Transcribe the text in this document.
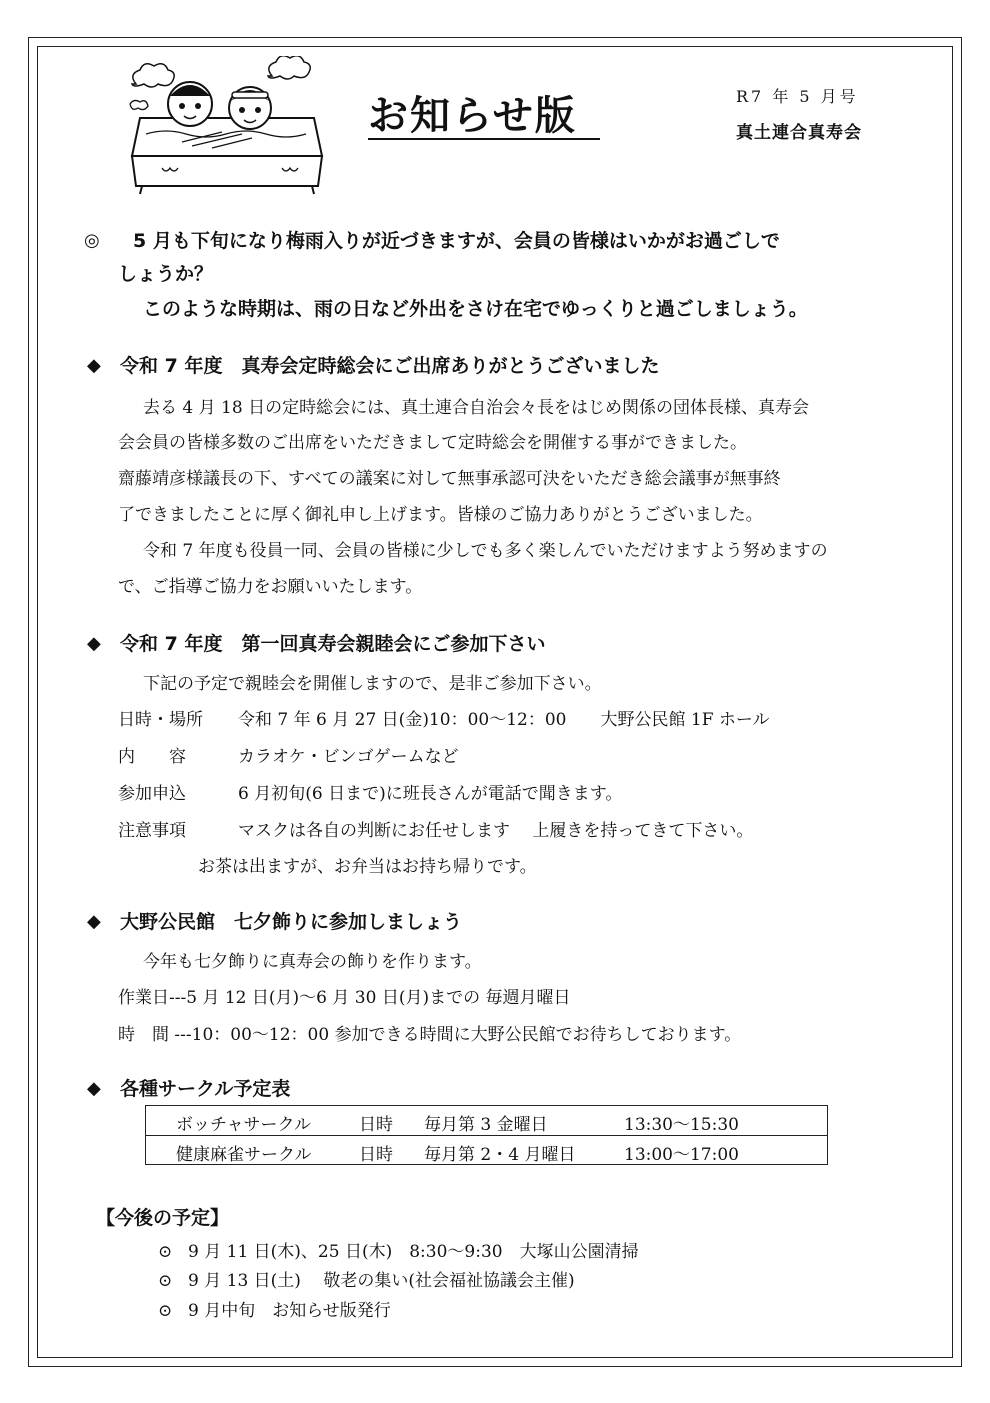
お知らせ版	R7 年 5 月号
真土連合真寿会
◎ 5 月も下旬になり梅雨入りが近づきますが、会員の皆様はいかがお過ごしで
しょうか？
このような時期は、雨の日など外出をさけ在宅でゆっくりと過ごしましょう。
◆ 令和 7 年度　真寿会定時総会にご出席ありがとうございました
去る 4 月 18 日の定時総会には、真土連合自治会々長をはじめ関係の団体長様、真寿会
会会員の皆様多数のご出席をいただきまして定時総会を開催する事ができました。
齋藤靖彦様議長の下、すべての議案に対して無事承認可決をいただき総会議事が無事終
了できましたことに厚く御礼申し上げます。皆様のご協力ありがとうございました。
令和 7 年度も役員一同、会員の皆様に少しでも多く楽しんでいただけますよう努めますの
で、ご指導ご協力をお願いいたします。
◆ 令和 7 年度　第一回真寿会親睦会にご参加下さい
下記の予定で親睦会を開催しますので、是非ご参加下さい。
日時・場所 令和 7 年 6 月 27 日(金)10：00～12：00　　大野公民館 1F ホール
内　　容	カラオケ・ビンゴゲームなど
参加申込	6 月初旬(6 日まで)に班長さんが電話で聞きます。
注意事項	マスクは各自の判断にお任せします　 上履きを持ってきて下さい。
お茶は出ますが、お弁当はお持ち帰りです。
◆ 大野公民館　七夕飾りに参加しましょう
今年も七夕飾りに真寿会の飾りを作ります。
作業日---5 月 12 日(月)～6 月 30 日(月)までの 毎週月曜日
時　間 ---10：00～12：00 参加できる時間に大野公民館でお待ちしております。
◆ 各種サークル予定表
ボッチャサークル	日時 毎月第 3 金曜日	13:30～15:30
健康麻雀サークル	日時 毎月第 2・4 月曜日	13:00～17:00
【今後の予定】
⊙ 9 月 11 日(木)、25 日(木)　8:30～9:30　大塚山公園清掃
⊙ 9 月 13 日(土)　 敬老の集い(社会福祉協議会主催)
⊙ 9 月中旬　お知らせ版発行
